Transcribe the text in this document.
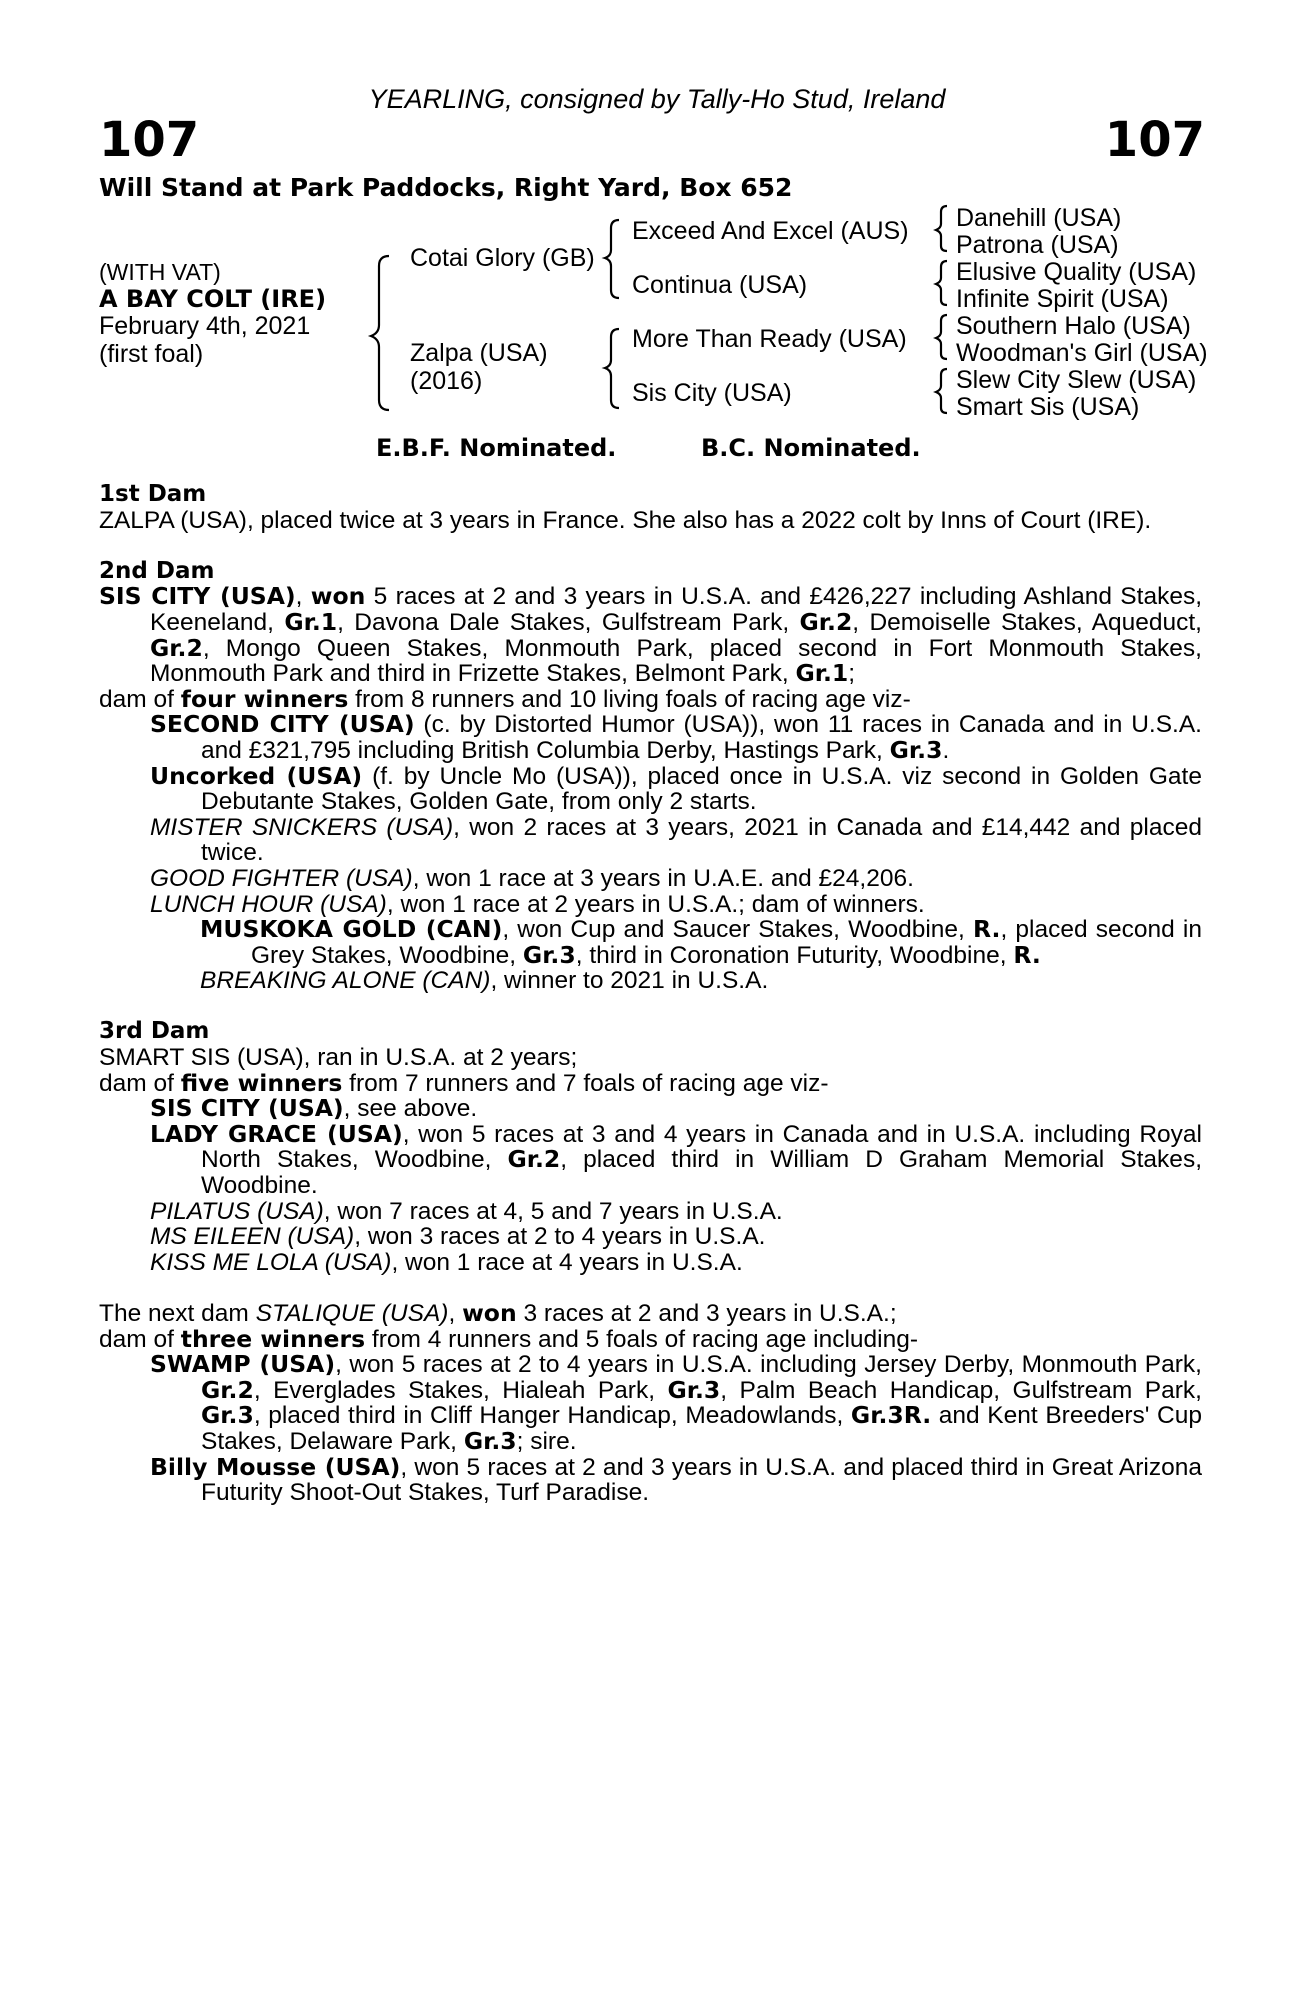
YEARLING, consigned by Tally-Ho Stud, Ireland
107	107
Will Stand at Park Paddocks, Right Yard, Box 652
(WITH VAT)
A BAY COLT (IRE)
February 4th, 2021
(first foal)
Cotai Glory (GB)
Zalpa (USA)
(2016)
Exceed And Excel (AUS)
Continua (USA)
More Than Ready (USA)
Sis City (USA)
Danehill (USA)
Patrona (USA)
Elusive Quality (USA)
Infinite Spirit (USA)
Southern Halo (USA)
Woodman's Girl (USA)
Slew City Slew (USA)
Smart Sis (USA)
E.B.F. Nominated.	B.C. Nominated.

1st Dam

ZALPA (USA), placed twice at 3 years in France. She also has a 2022 colt by Inns of Court (IRE).

2nd Dam

SIS CITY (USA), won 5 races at 2 and 3 years in U.S.A. and £426,227 including Ashland Stakes, Keeneland, Gr.1, Davona Dale Stakes, Gulfstream Park, Gr.2, Demoiselle Stakes, Aqueduct, Gr.2, Mongo Queen Stakes, Monmouth Park, placed second in Fort Monmouth Stakes, Monmouth Park and third in Frizette Stakes, Belmont Park, Gr.1;

dam of four winners from 8 runners and 10 living foals of racing age viz-

SECOND CITY (USA) (c. by Distorted Humor (USA)), won 11 races in Canada and in U.S.A. and £321,795 including British Columbia Derby, Hastings Park, Gr.3.

Uncorked (USA) (f. by Uncle Mo (USA)), placed once in U.S.A. viz second in Golden Gate Debutante Stakes, Golden Gate, from only 2 starts.

MISTER SNICKERS (USA), won 2 races at 3 years, 2021 in Canada and £14,442 and placed twice.

GOOD FIGHTER (USA), won 1 race at 3 years in U.A.E. and £24,206.

LUNCH HOUR (USA), won 1 race at 2 years in U.S.A.; dam of winners.

MUSKOKA GOLD (CAN), won Cup and Saucer Stakes, Woodbine, R., placed second in Grey Stakes, Woodbine, Gr.3, third in Coronation Futurity, Woodbine, R.

BREAKING ALONE (CAN), winner to 2021 in U.S.A.

3rd Dam

SMART SIS (USA), ran in U.S.A. at 2 years;

dam of five winners from 7 runners and 7 foals of racing age viz-

SIS CITY (USA), see above.

LADY GRACE (USA), won 5 races at 3 and 4 years in Canada and in U.S.A. including Royal North Stakes, Woodbine, Gr.2, placed third in William D Graham Memorial Stakes, Woodbine.

PILATUS (USA), won 7 races at 4, 5 and 7 years in U.S.A.

MS EILEEN (USA), won 3 races at 2 to 4 years in U.S.A.

KISS ME LOLA (USA), won 1 race at 4 years in U.S.A.

The next dam STALIQUE (USA), won 3 races at 2 and 3 years in U.S.A.;

dam of three winners from 4 runners and 5 foals of racing age including-

SWAMP (USA), won 5 races at 2 to 4 years in U.S.A. including Jersey Derby, Monmouth Park, Gr.2, Everglades Stakes, Hialeah Park, Gr.3, Palm Beach Handicap, Gulfstream Park, Gr.3, placed third in Cliff Hanger Handicap, Meadowlands, Gr.3R. and Kent Breeders' Cup Stakes, Delaware Park, Gr.3; sire.

Billy Mousse (USA), won 5 races at 2 and 3 years in U.S.A. and placed third in Great Arizona Futurity Shoot-Out Stakes, Turf Paradise.
